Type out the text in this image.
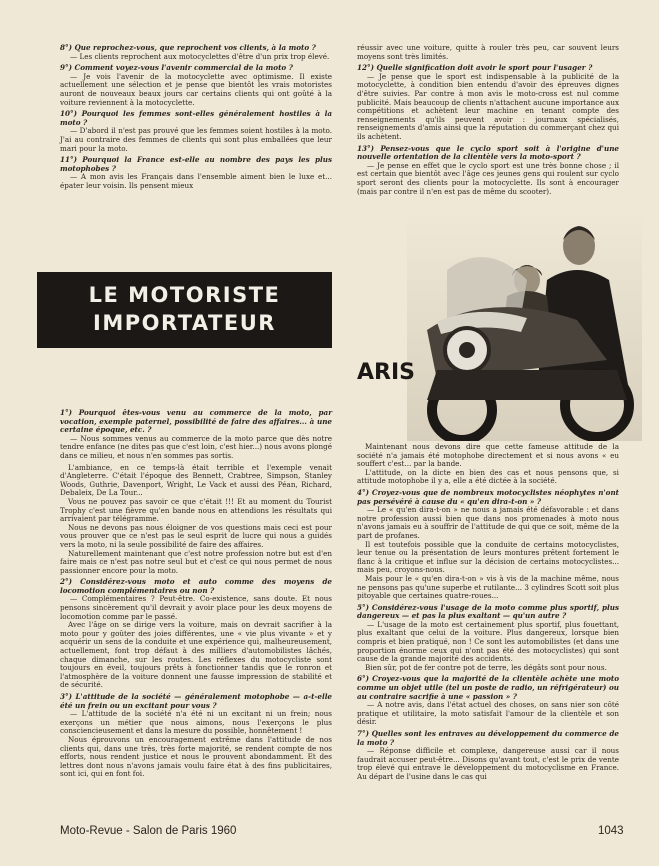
8°) Que reprochez-vous, que reprochent vos clients, à la moto ?

— Les clients reprochent aux motocyclettes d'être d'un prix trop élevé.

9°) Comment voyez-vous l'avenir commercial de la moto ?

— Je vois l'avenir de la motocyclette avec optimisme. Il existe actuellement une sélection et je pense que bientôt les vrais motoristes auront de nouveaux beaux jours car certains clients qui ont goûté à la voiture reviennent à la motocyclette.

10°) Pourquoi les femmes sont-elles généralement hostiles à la moto ?

— D'abord il n'est pas prouvé que les femmes soient hostiles à la moto. J'ai au contraire des femmes de clients qui sont plus emballées que leur mari pour la moto.

11°) Pourquoi la France est-elle au nombre des pays les plus motophobes ?

— A mon avis les Français dans l'ensemble aiment bien le luxe et... épater leur voisin. Ils pensent mieux

réussir avec une voiture, quitte à rouler très peu, car souvent leurs moyens sont très limités.

12°) Quelle signification doit avoir le sport pour l'usager ?

— Je pense que le sport est indispensable à la publicité de la motocyclette, à condition bien entendu d'avoir des épreuves dignes d'être suivies. Par contre à mon avis le moto-cross est nul comme publicité. Mais beaucoup de clients n'attachent aucune importance aux compétitions et achètent leur machine en tenant compte des renseignements qu'ils peuvent avoir : journaux spécialisés, renseignements d'amis ainsi que la réputation du commerçant chez qui ils achètent.

13°) Pensez-vous que le cyclo sport soit à l'origine d'une nouvelle orientation de la clientèle vers la moto-sport ?

— Je pense en effet que le cyclo sport est une très bonne chose ; il est certain que bientôt avec l'âge ces jeunes gens qui roulent sur cyclo sport seront des clients pour la motocyclette. Ils sont à encourager (mais par contre il n'en est pas de même du scooter).

LE MOTORISTE
IMPORTATEUR
ARIS

1°) Pourquoi êtes-vous venu au commerce de la moto, par vocation, exemple paternel, possibilité de faire des affaires... à une certaine époque, etc. ?

— Nous sommes venus au commerce de la moto parce que dès notre tendre enfance (ne dites pas que c'est loin, c'est hier...) nous avons plongé dans ce milieu, et nous n'en sommes pas sortis.

L'ambiance, en ce temps-là était terrible et l'exemple venait d'Angleterre. C'était l'époque des Bennett, Crabtree, Simpson, Stanley Woods, Guthrie, Davenport, Wright, Le Vack et aussi des Péan, Richard, Debaleix, De La Tour...

Vous ne pouvez pas savoir ce que c'était !!! Et au moment du Tourist Trophy c'est une fièvre qu'en bande nous en attendions les résultats qui arrivaient par télégramme.

Nous ne devons pas nous éloigner de vos questions mais ceci est pour vous prouver que ce n'est pas le seul esprit de lucre qui nous a guidés vers la moto, ni la seule possibilité de faire des affaires.

Naturellement maintenant que c'est notre profession notre but est d'en faire mais ce n'est pas notre seul but et c'est ce qui nous permet de nous passionner encore pour la moto.

2°) Considérez-vous moto et auto comme des moyens de locomotion complémentaires ou non ?

— Complémentaires ? Peut-être. Co-existence, sans doute. Et nous pensons sincèrement qu'il devrait y avoir place pour les deux moyens de locomotion comme par le passé.

Avec l'âge on se dirige vers la voiture, mais on devrait sacrifier à la moto pour y goûter des joies différentes, une « vie plus vivante » et y acquérir un sens de la conduite et une expérience qui, malheureusement, actuellement, font trop défaut à des milliers d'automobilistes lâchés, chaque dimanche, sur les routes. Les réflexes du motocycliste sont toujours en éveil, toujours prêts à fonctionner tandis que le ronron et l'atmosphère de la voiture donnent une fausse impression de stabilité et de sécurité.

3°) L'attitude de la société — généralement motophobe — a-t-elle été un frein ou un excitant pour vous ?

— L'attitude de la société n'a été ni un excitant ni un frein; nous exerçons un métier que nous aimons, nous l'exerçons le plus consciencieusement et dans la mesure du possible, honnêtement !

Nous éprouvons un encouragement extrême dans l'attitude de nos clients qui, dans une très, très forte majorité, se rendent compte de nos efforts, nous rendent justice et nous le prouvent abondamment. Et des lettres dont nous n'avons jamais voulu faire état à des fins publicitaires, sont ici, qui en font foi.

Maintenant nous devons dire que cette fameuse attitude de la société n'a jamais été motophobe directement et si nous avons « eu souffert c'est... par la bande.

L'attitude, on la dicte en bien des cas et nous pensons que, si attitude motophobe il y a, elle a été dictée à la société.

4°) Croyez-vous que de nombreux motocyclistes néophytes n'ont pas persévéré à cause du « qu'en dira-t-on » ?

— Le « qu'en dira-t-on » ne nous a jamais été défavorable : et dans notre profession aussi bien que dans nos promenades à moto nous n'avons jamais eu à souffrir de l'attitude de qui que ce soit, même de la part de profanes.

Il est toutefois possible que la conduite de certains motocyclistes, leur tenue ou la présentation de leurs montures prêtent fortement le flanc à la critique et influe sur la décision de certains motocyclistes... mais peu, croyons-nous.

Mais pour le « qu'en dira-t-on » vis à vis de la machine même, nous ne pensons pas qu'une superbe et rutilante... 3 cylindres Scott soit plus pitoyable que certaines quatre-roues...

5°) Considérez-vous l'usage de la moto comme plus sportif, plus dangereux — et pas la plus exaltant — qu'un autre ?

— L'usage de la moto est certainement plus sportif, plus fouettant, plus exaltant que celui de la voiture. Plus dangereux, lorsque bien compris et bien pratiqué, non ! Ce sont les automobilistes (et dans une proportion énorme ceux qui n'ont pas été des motocyclistes) qui sont cause de la grande majorité des accidents.

Bien sûr, pot de fer contre pot de terre, les dégâts sont pour nous.

6°) Croyez-vous que la majorité de la clientèle achète une moto comme un objet utile (tel un poste de radio, un réfrigérateur) ou au contraire sacrifie à une « passion » ?

— A notre avis, dans l'état actuel des choses, on sans nier son côté pratique et utilitaire, la moto satisfait l'amour de la clientèle et son désir.

7°) Quelles sont les entraves au développement du commerce de la moto ?

— Réponse difficile et complexe, dangereuse aussi car il nous faudrait accuser peut-être... Disons qu'avant tout, c'est le prix de vente trop élevé qui entrave le développement du motocyclisme en France. Au départ de l'usine dans le cas qui

Moto-Revue - Salon de Paris 1960	1043
